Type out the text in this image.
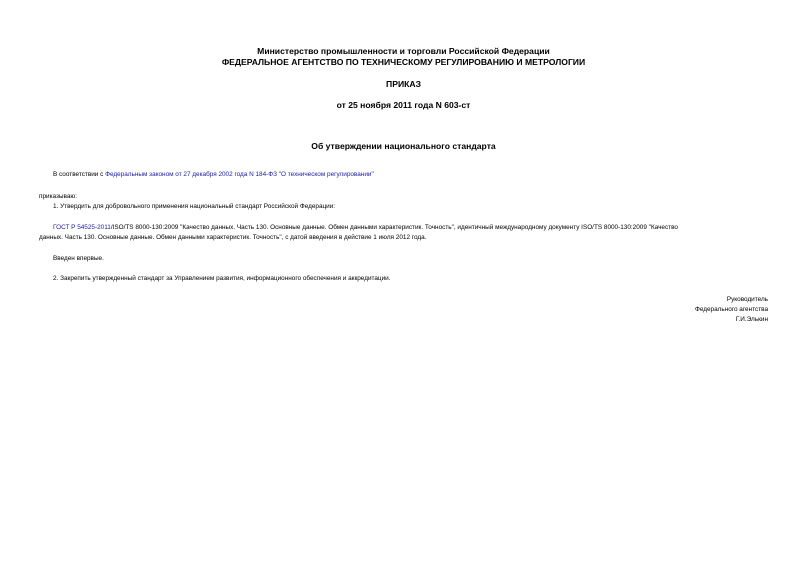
Министерство промышленности и торговли Российской Федерации
ФЕДЕРАЛЬНОЕ АГЕНТСТВО ПО ТЕХНИЧЕСКОМУ РЕГУЛИРОВАНИЮ И МЕТРОЛОГИИ
ПРИКАЗ
от 25 ноября 2011 года N 603-ст
Об утверждении национального стандарта
В соответствии с Федеральным законом от 27 декабря 2002 года N 184-ФЗ "О техническом регулировании"
приказываю:
1. Утвердить для добровольного применения национальный стандарт Российской Федерации:
ГОСТ Р 54525-2011/ISO/TS 8000-130:2009 "Качество данных. Часть 130. Основные данные. Обмен данными характеристик. Точность", идентичный международному документу ISO/TS 8000-130:2009 "Качество
данных. Часть 130. Основные данные. Обмен данными характеристик. Точность", с датой введения в действие 1 июля 2012 года.
Введен впервые.
2. Закрепить утвержденный стандарт за Управлением развития, информационного обеспечения и аккредитации.
Руководитель
Федерального агентства
Г.И.Элькин
